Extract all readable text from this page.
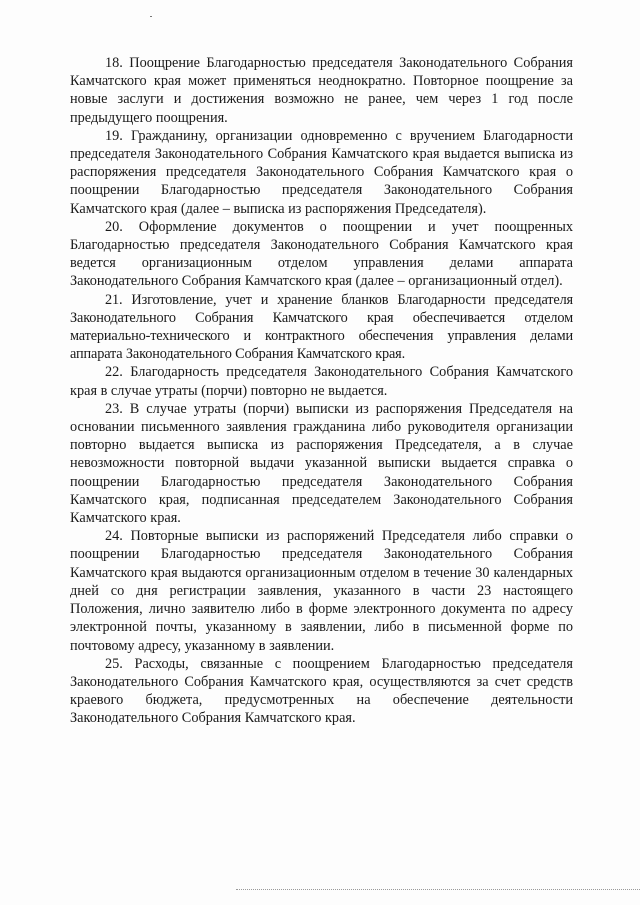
18. Поощрение Благодарностью председателя Законодательного Собрания Камчатского края может применяться неоднократно. Повторное поощрение за новые заслуги и достижения возможно не ранее, чем через 1 год после предыдущего поощрения.

19. Гражданину, организации одновременно с вручением Благодарности председателя Законодательного Собрания Камчатского края выдается выписка из распоряжения председателя Законодательного Собрания Камчатского края о поощрении Благодарностью председателя Законодательного Собрания Камчатского края (далее – выписка из распоряжения Председателя).

20. Оформление документов о поощрении и учет поощренных Благодарностью председателя Законодательного Собрания Камчатского края ведется организационным отделом управления делами аппарата Законодательного Собрания Камчатского края (далее – организационный отдел).

21. Изготовление, учет и хранение бланков Благодарности председателя Законодательного Собрания Камчатского края обеспечивается отделом материально-технического и контрактного обеспечения управления делами аппарата Законодательного Собрания Камчатского края.

22. Благодарность председателя Законодательного Собрания Камчатского края в случае утраты (порчи) повторно не выдается.

23. В случае утраты (порчи) выписки из распоряжения Председателя на основании письменного заявления гражданина либо руководителя организации повторно выдается выписка из распоряжения Председателя, а в случае невозможности повторной выдачи указанной выписки выдается справка о поощрении Благодарностью председателя Законодательного Собрания Камчатского края, подписанная председателем Законодательного Собрания Камчатского края.

24. Повторные выписки из распоряжений Председателя либо справки о поощрении Благодарностью председателя Законодательного Собрания Камчатского края выдаются организационным отделом в течение 30 календарных дней со дня регистрации заявления, указанного в части 23 настоящего Положения, лично заявителю либо в форме электронного документа по адресу электронной почты, указанному в заявлении, либо в письменной форме по почтовому адресу, указанному в заявлении.

25. Расходы, связанные с поощрением Благодарностью председателя Законодательного Собрания Камчатского края, осуществляются за счет средств краевого бюджета, предусмотренных на обеспечение деятельности Законодательного Собрания Камчатского края.
